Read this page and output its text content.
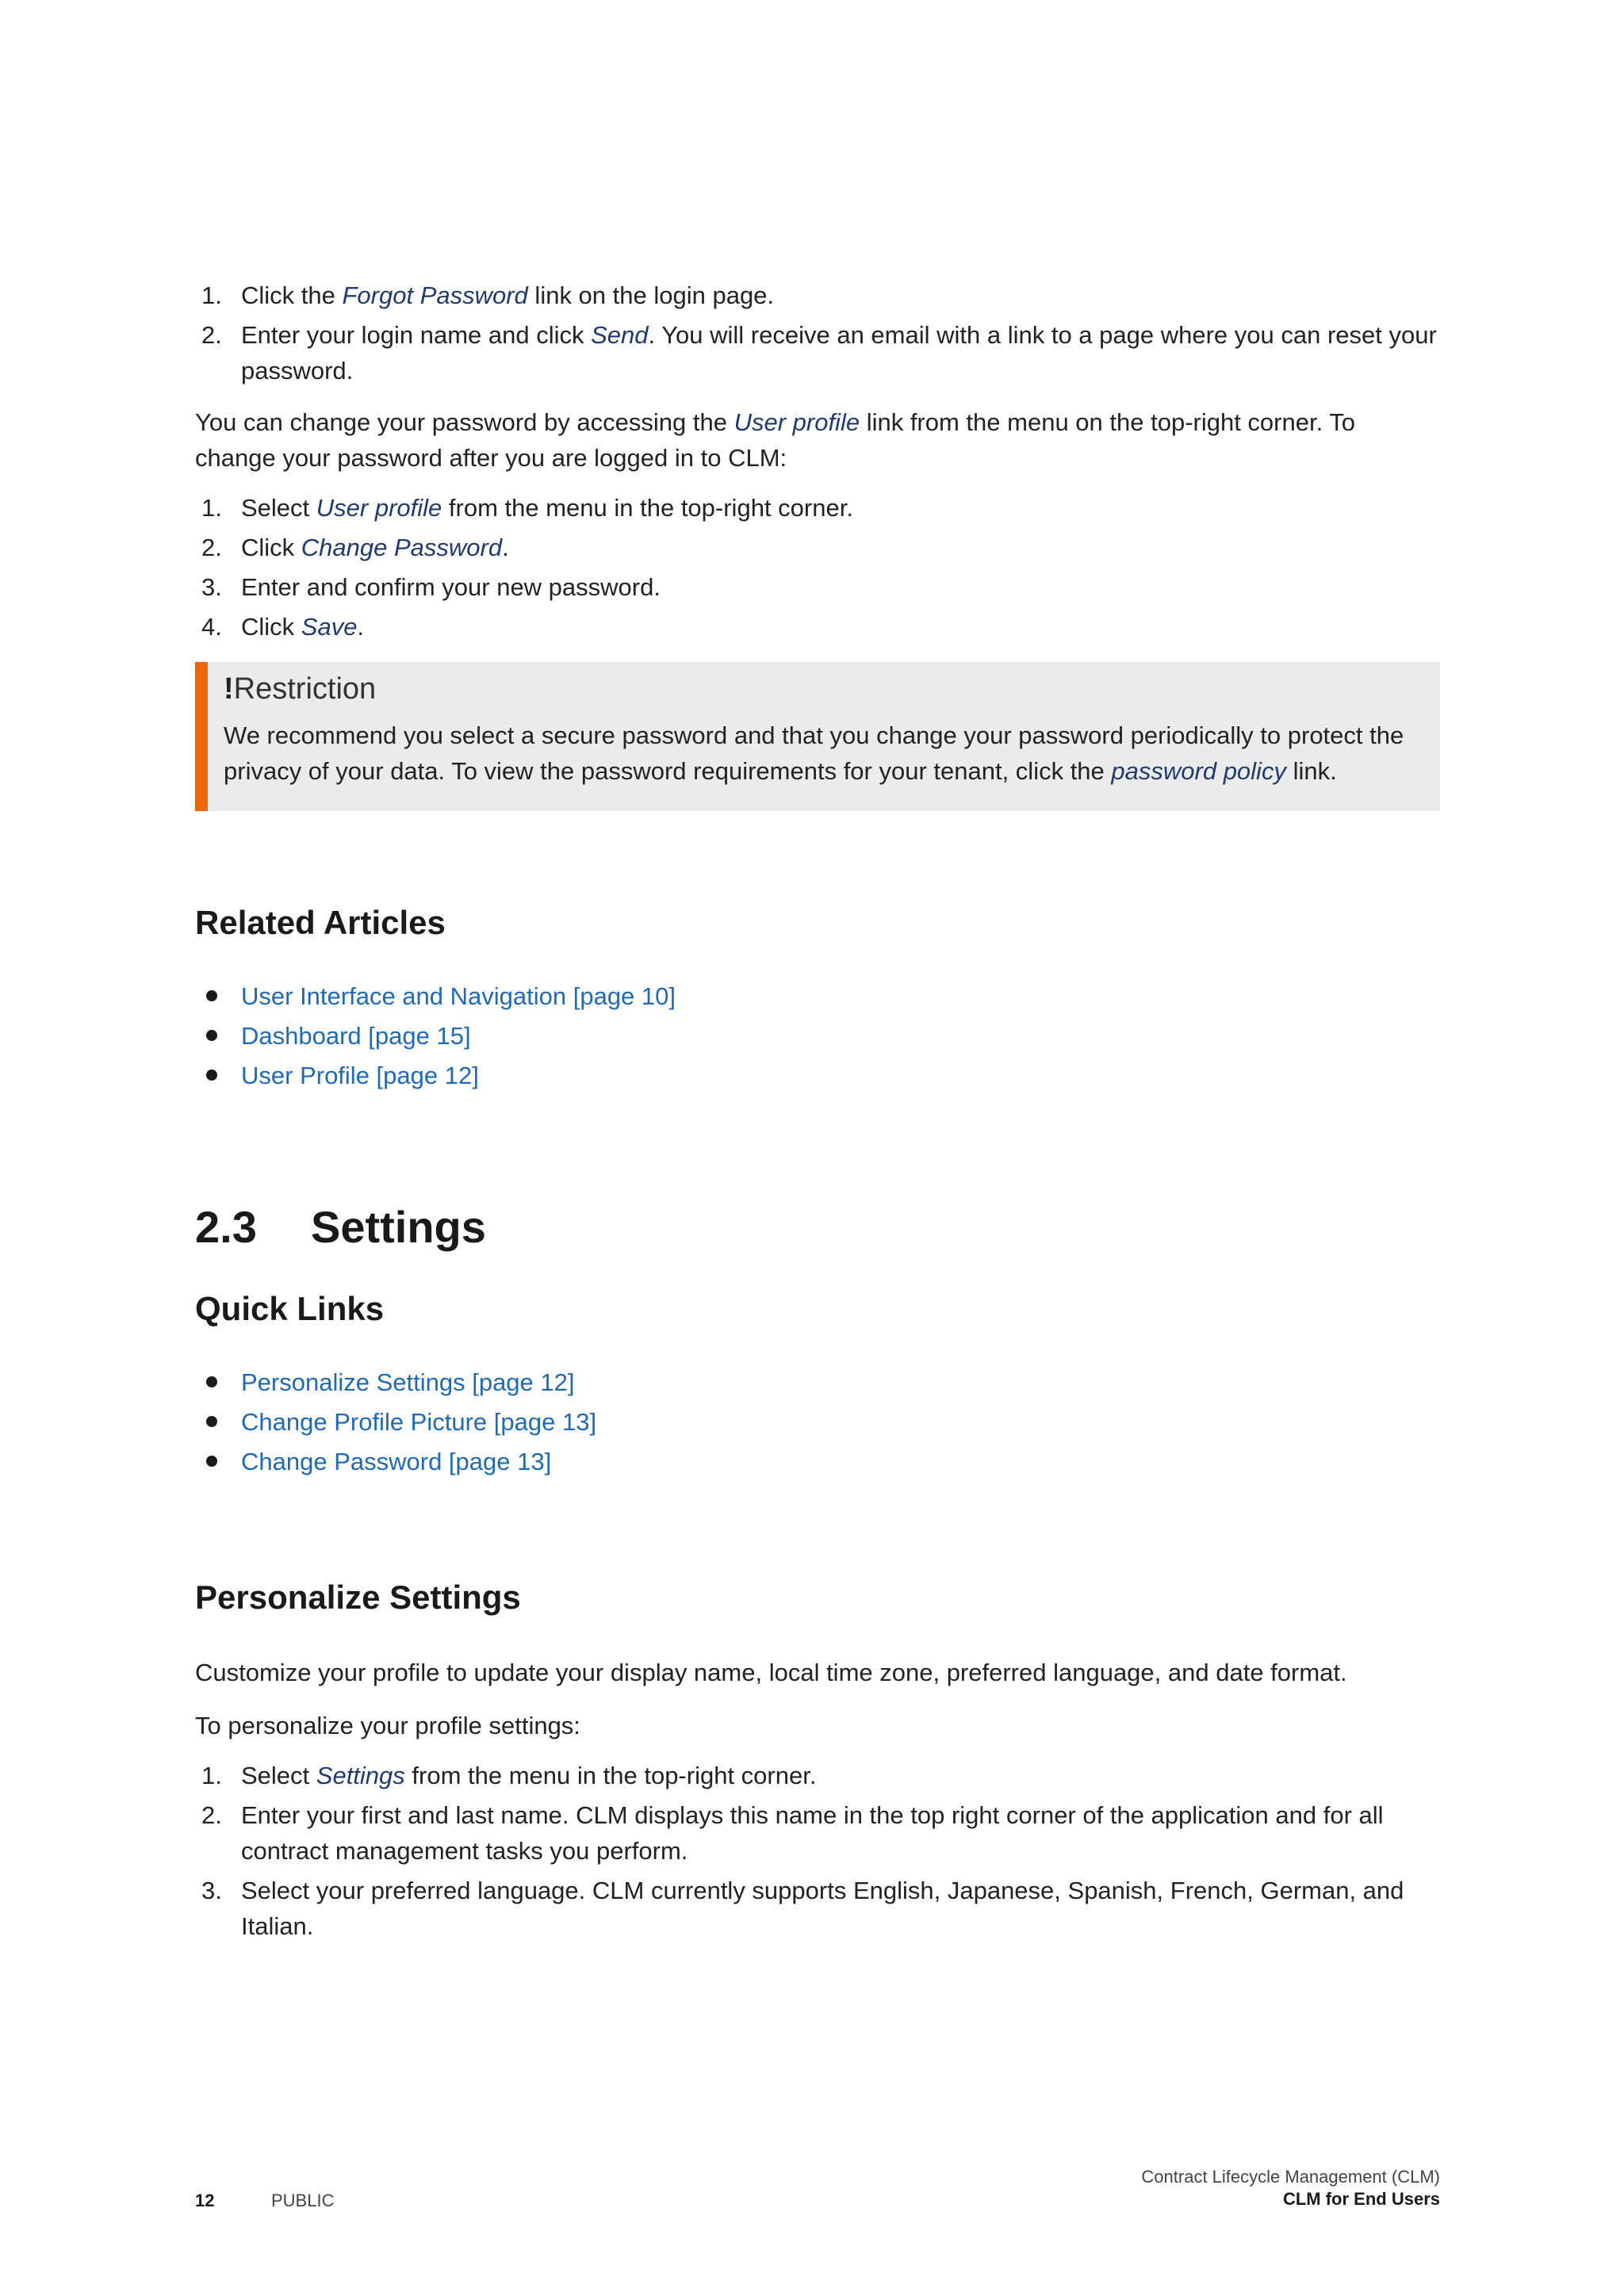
1. Click the Forgot Password link on the login page.
2. Enter your login name and click Send. You will receive an email with a link to a page where you can reset your password.

You can change your password by accessing the User profile link from the menu on the top-right corner. To change your password after you are logged in to CLM:

1. Select User profile from the menu in the top-right corner.
2. Click Change Password.
3. Enter and confirm your new password.
4. Click Save.
!Restriction
We recommend you select a secure password and that you change your password periodically to protect the privacy of your data. To view the password requirements for your tenant, click the password policy link.
Related Articles
User Interface and Navigation [page 10]
Dashboard [page 15]
User Profile [page 12]
2.3 Settings
Quick Links
Personalize Settings [page 12]
Change Profile Picture [page 13]
Change Password [page 13]
Personalize Settings

Customize your profile to update your display name, local time zone, preferred language, and date format.

To personalize your profile settings:

1. Select Settings from the menu in the top-right corner.
2. Enter your first and last name. CLM displays this name in the top right corner of the application and for all contract management tasks you perform.
3. Select your preferred language. CLM currently supports English, Japanese, Spanish, French, German, and Italian.
12	PUBLIC
Contract Lifecycle Management (CLM)
CLM for End Users
